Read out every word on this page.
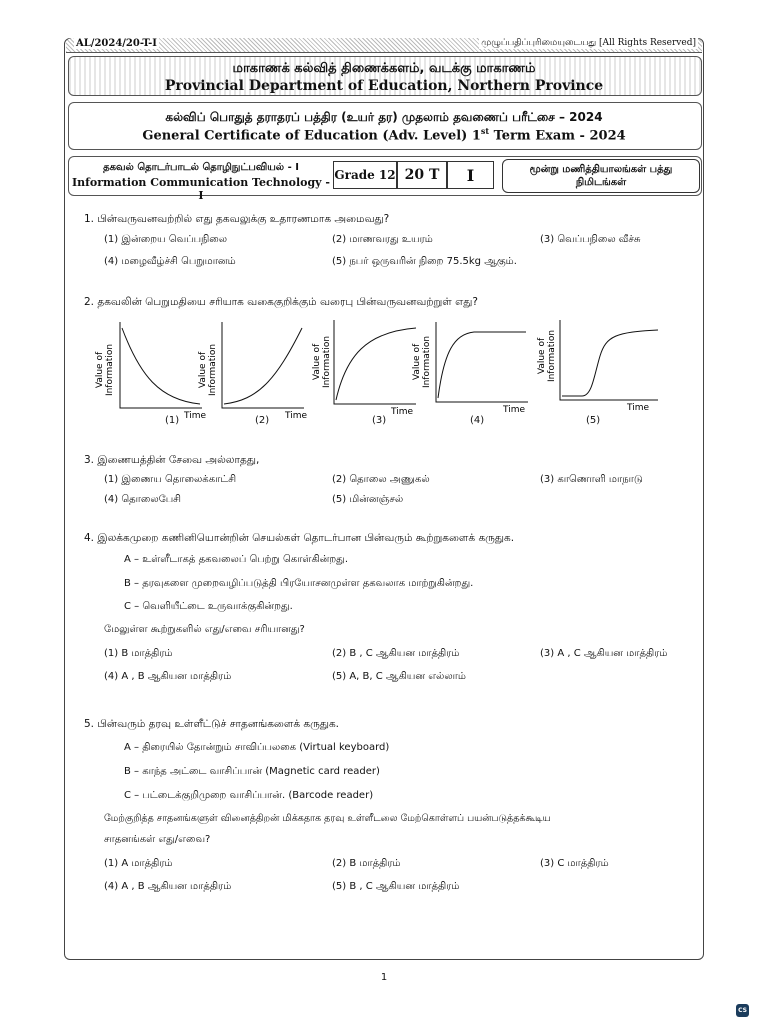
AL/2024/20-T-I	முழுப்பதிப்புரிமையுடையது [All Rights Reserved]
மாகாணக் கல்வித் திணைக்களம், வடக்கு மாகாணம்
Provincial Department of Education, Northern Province
கல்விப் பொதுத் தராதரப் பத்திர (உயர் தர) முதலாம் தவணைப் பரீட்சை – 2024
General Certificate of Education (Adv. Level) 1st Term Exam - 2024
தகவல் தொடர்பாடல் தொழிநுட்பவியல் - I
Information Communication Technology - I
Grade 12 20 T	I	மூன்று மணித்தியாலங்கள் பத்து நிமிடங்கள்
1. பின்வருவனவற்றில் எது தகவலுக்கு உதாரணமாக அமைவது?
(1) இன்றைய வெப்பநிலை	(2) மாணவரது உயரம்	(3) வெப்பநிலை வீச்சு
(4) மழைவீழ்ச்சி பெறுமானம்	(5) நபர் ஒருவரின் நிறை 75.5kg ஆகும்.
2. தகவலின் பெறுமதியை சரியாக வகைகுறிக்கும் வரைபு பின்வருவனவற்றுள் எது?
Value of Information
Time
Value of Information
Time
Value of Information
Time
Value of Information
Time
Value of Information
Time
(1)	(2)	(3)	(4)	(5)
3. இணையத்தின் சேவை அல்லாதது,
(1) இணைய தொலைக்காட்சி	(2) தொலை அணுகல்	(3) காணொளி மாநாடு
(4) தொலைபேசி	(5) மின்னஞ்சல்
4. இலக்கமுறை கணினியொன்றின் செயல்கள் தொடர்பான பின்வரும் கூற்றுகளைக் கருதுக.
A – உள்ளீடாகத் தகவலைப் பெற்று கொள்கின்றது.
B – தரவுகளை முறைவழிப்படுத்தி பிரயோசனமுள்ள தகவலாக மாற்றுகின்றது.
C – வெளியீட்டை உருவாக்குகின்றது.
மேலுள்ள கூற்றுகளில் எது/எவை சரியானது?
(1) B மாத்திரம்	(2) B , C ஆகியன மாத்திரம்	(3) A , C ஆகியன மாத்திரம்
(4) A , B ஆகியன மாத்திரம்	(5) A, B, C ஆகியன எல்லாம்
5. பின்வரும் தரவு உள்ளீட்டுச் சாதனங்களைக் கருதுக.
A – திரையில் தோன்றும் சாவிப்பலகை (Virtual keyboard)
B – காந்த அட்டை வாசிப்பான் (Magnetic card reader)
C – பட்டைக்குறிமுறை வாசிப்பான். (Barcode reader)
மேற்குறித்த சாதனங்களுள் வினைத்திறன் மிக்கதாக தரவு உள்ளீடலை மேற்கொள்ளப் பயன்படுத்தக்கூடிய
சாதனங்கள் எது/எவை?
(1) A மாத்திரம்	(2) B மாத்திரம்	(3) C மாத்திரம்
(4) A , B ஆகியன மாத்திரம்	(5) B , C ஆகியன மாத்திரம்
1
CS
